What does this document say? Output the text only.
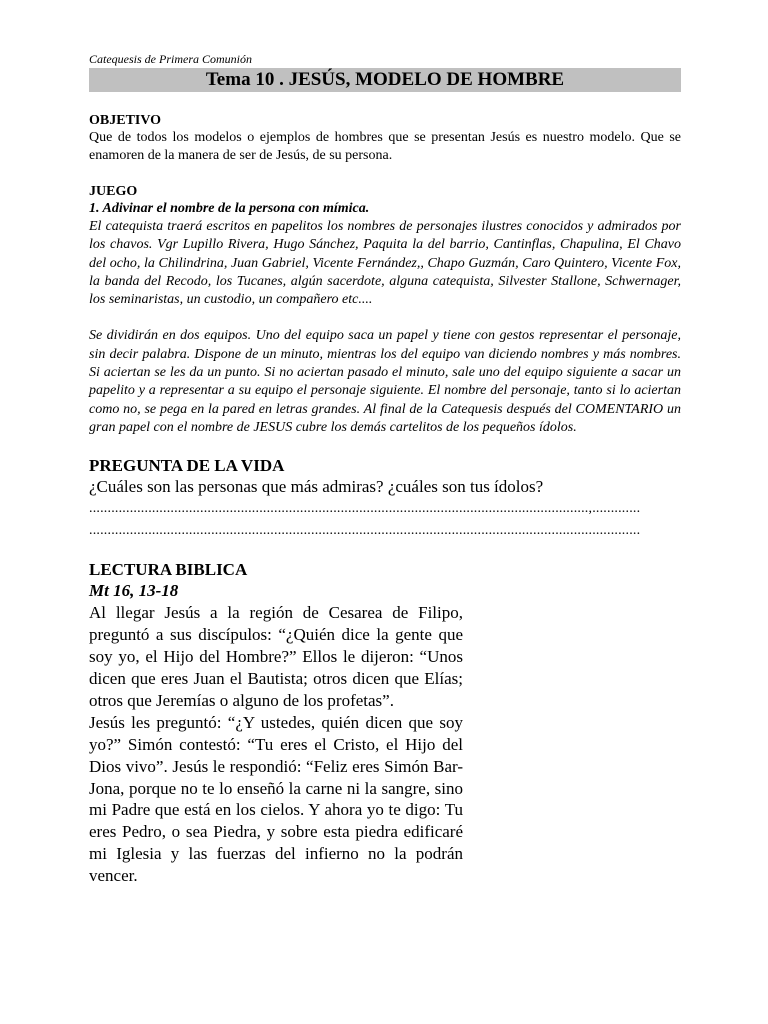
Catequesis de Primera Comunión

Tema 10 . JESÚS, MODELO DE HOMBRE

OBJETIVO

Que de todos los modelos o ejemplos de hombres que se presentan Jesús es nuestro modelo. Que se enamoren de la manera de ser de Jesús, de su persona.

JUEGO

1. Adivinar el nombre de la persona con mímica.

El catequista traerá escritos en papelitos los nombres de personajes ilustres conocidos y admirados por los chavos. Vgr Lupillo Rivera, Hugo Sánchez, Paquita la del barrio, Cantinflas, Chapulina, El Chavo del ocho, la Chilindrina, Juan Gabriel, Vicente Fernández,, Chapo Guzmán, Caro Quintero, Vicente Fox, la banda del Recodo, los Tucanes, algún sacerdote, alguna catequista, Silvester Stallone, Schwernager, los seminaristas, un custodio, un compañero etc....

Se dividirán en dos equipos. Uno del equipo saca un papel y tiene con gestos representar el personaje, sin decir palabra. Dispone de un minuto, mientras los del equipo van diciendo nombres y más nombres. Si aciertan se les da un punto. Si no aciertan pasado el minuto, sale uno del equipo siguiente a sacar un papelito y a representar a su equipo el personaje siguiente. El nombre del personaje, tanto si lo aciertan como no, se pega en la pared en letras grandes. Al final de la Catequesis después del COMENTARIO un gran papel con el nombre de JESUS cubre los demás cartelitos de los pequeños ídolos.

PREGUNTA DE LA VIDA

¿Cuáles son las personas que más admiras? ¿cuáles son tus ídolos?

.......................................................................................................................................,.............

.....................................................................................................................................................

LECTURA BIBLICA

Mt 16, 13-18

Al llegar Jesús a la región de Cesarea de Filipo, preguntó a sus discípulos: “¿Quién dice la gente que soy yo, el Hijo del Hombre?” Ellos le dijeron: “Unos dicen que eres Juan el Bautista; otros dicen que Elías; otros que Jeremías o alguno de los profetas”.

Jesús les preguntó: “¿Y ustedes, quién dicen que soy yo?” Simón contestó: “Tu eres el Cristo, el Hijo del Dios vivo”. Jesús le respondió: “Feliz eres Simón Bar-Jona, porque no te lo enseñó la carne ni la sangre, sino mi Padre que está en los cielos. Y ahora yo te digo: Tu eres Pedro, o sea Piedra, y sobre esta piedra edificaré mi Iglesia y las fuerzas del infierno no la podrán vencer.
